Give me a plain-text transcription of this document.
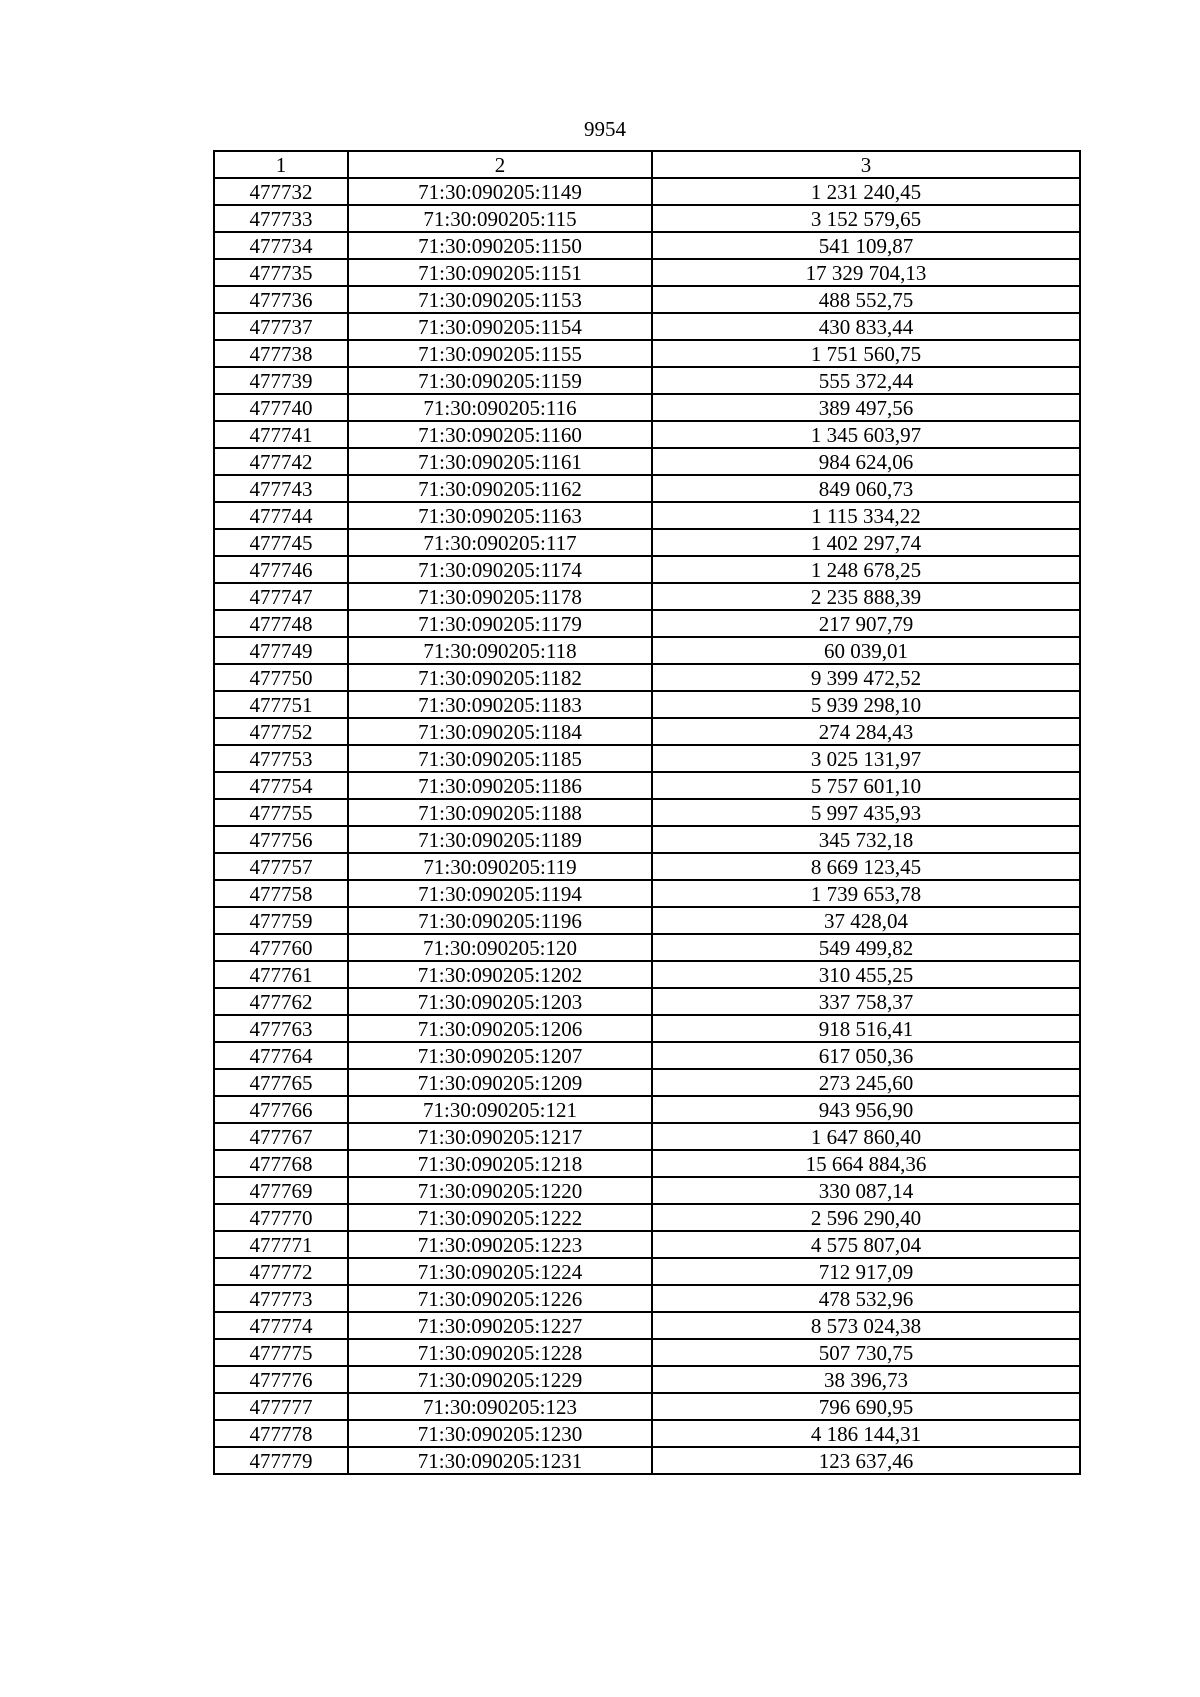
9954
1	2	3
477732	71:30:090205:1149	1 231 240,45
477733	71:30:090205:115	3 152 579,65
477734	71:30:090205:1150	541 109,87
477735	71:30:090205:1151	17 329 704,13
477736	71:30:090205:1153	488 552,75
477737	71:30:090205:1154	430 833,44
477738	71:30:090205:1155	1 751 560,75
477739	71:30:090205:1159	555 372,44
477740	71:30:090205:116	389 497,56
477741	71:30:090205:1160	1 345 603,97
477742	71:30:090205:1161	984 624,06
477743	71:30:090205:1162	849 060,73
477744	71:30:090205:1163	1 115 334,22
477745	71:30:090205:117	1 402 297,74
477746	71:30:090205:1174	1 248 678,25
477747	71:30:090205:1178	2 235 888,39
477748	71:30:090205:1179	217 907,79
477749	71:30:090205:118	60 039,01
477750	71:30:090205:1182	9 399 472,52
477751	71:30:090205:1183	5 939 298,10
477752	71:30:090205:1184	274 284,43
477753	71:30:090205:1185	3 025 131,97
477754	71:30:090205:1186	5 757 601,10
477755	71:30:090205:1188	5 997 435,93
477756	71:30:090205:1189	345 732,18
477757	71:30:090205:119	8 669 123,45
477758	71:30:090205:1194	1 739 653,78
477759	71:30:090205:1196	37 428,04
477760	71:30:090205:120	549 499,82
477761	71:30:090205:1202	310 455,25
477762	71:30:090205:1203	337 758,37
477763	71:30:090205:1206	918 516,41
477764	71:30:090205:1207	617 050,36
477765	71:30:090205:1209	273 245,60
477766	71:30:090205:121	943 956,90
477767	71:30:090205:1217	1 647 860,40
477768	71:30:090205:1218	15 664 884,36
477769	71:30:090205:1220	330 087,14
477770	71:30:090205:1222	2 596 290,40
477771	71:30:090205:1223	4 575 807,04
477772	71:30:090205:1224	712 917,09
477773	71:30:090205:1226	478 532,96
477774	71:30:090205:1227	8 573 024,38
477775	71:30:090205:1228	507 730,75
477776	71:30:090205:1229	38 396,73
477777	71:30:090205:123	796 690,95
477778	71:30:090205:1230	4 186 144,31
477779	71:30:090205:1231	123 637,46
